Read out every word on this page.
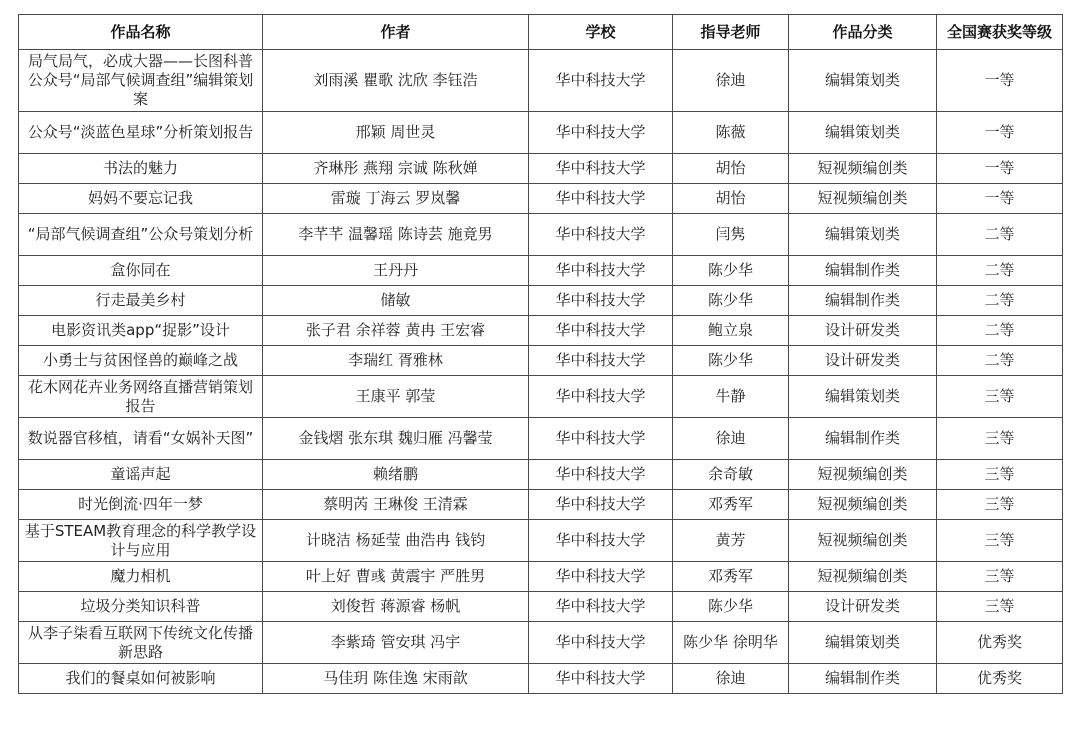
作品名称	作者	学校	指导老师	作品分类	全国赛获奖等级
局气局气，必成大器——长图科普公众号“局部气候调查组”编辑策划案	刘雨溪 瞿歌 沈欣 李钰浩	华中科技大学	徐迪	编辑策划类	一等
公众号“淡蓝色星球”分析策划报告	邢颖 周世灵	华中科技大学	陈薇	编辑策划类	一等
书法的魅力	齐琳彤 燕翔 宗诚 陈秋婵	华中科技大学	胡怡	短视频编创类	一等
妈妈不要忘记我	雷璇 丁海云 罗岚馨	华中科技大学	胡怡	短视频编创类	一等
“局部气候调查组”公众号策划分析	李芊芊 温馨瑶 陈诗芸 施竟男	华中科技大学	闫隽	编辑策划类	二等
盒你同在	王丹丹	华中科技大学	陈少华	编辑制作类	二等
行走最美乡村	储敏	华中科技大学	陈少华	编辑制作类	二等
电影资讯类app“捉影”设计	张子君 余祥蓉 黄冉 王宏睿	华中科技大学	鲍立泉	设计研发类	二等
小勇士与贫困怪兽的巅峰之战	李瑞红 胥雅林	华中科技大学	陈少华	设计研发类	二等
花木网花卉业务网络直播营销策划报告	王康平 郭莹	华中科技大学	牛静	编辑策划类	三等
数说器官移植，请看“女娲补天图”	金钱熠 张东琪 魏归雁 冯馨莹	华中科技大学	徐迪	编辑制作类	三等
童谣声起	赖绪鹏	华中科技大学	余奇敏	短视频编创类	三等
时光倒流·四年一梦	蔡明芮 王琳俊 王清霖	华中科技大学	邓秀军	短视频编创类	三等
基于STEAM教育理念的科学教学设计与应用	计晓洁 杨延莹 曲浩冉 钱钧	华中科技大学	黄芳	短视频编创类	三等
魔力相机	叶上好 曹彧 黄震宇 严胜男	华中科技大学	邓秀军	短视频编创类	三等
垃圾分类知识科普	刘俊哲 蒋源睿 杨帆	华中科技大学	陈少华	设计研发类	三等
从李子柒看互联网下传统文化传播新思路	李紫琦 管安琪 冯宇	华中科技大学	陈少华 徐明华	编辑策划类	优秀奖
我们的餐桌如何被影响	马佳玥 陈佳逸 宋雨歆	华中科技大学	徐迪	编辑制作类	优秀奖
